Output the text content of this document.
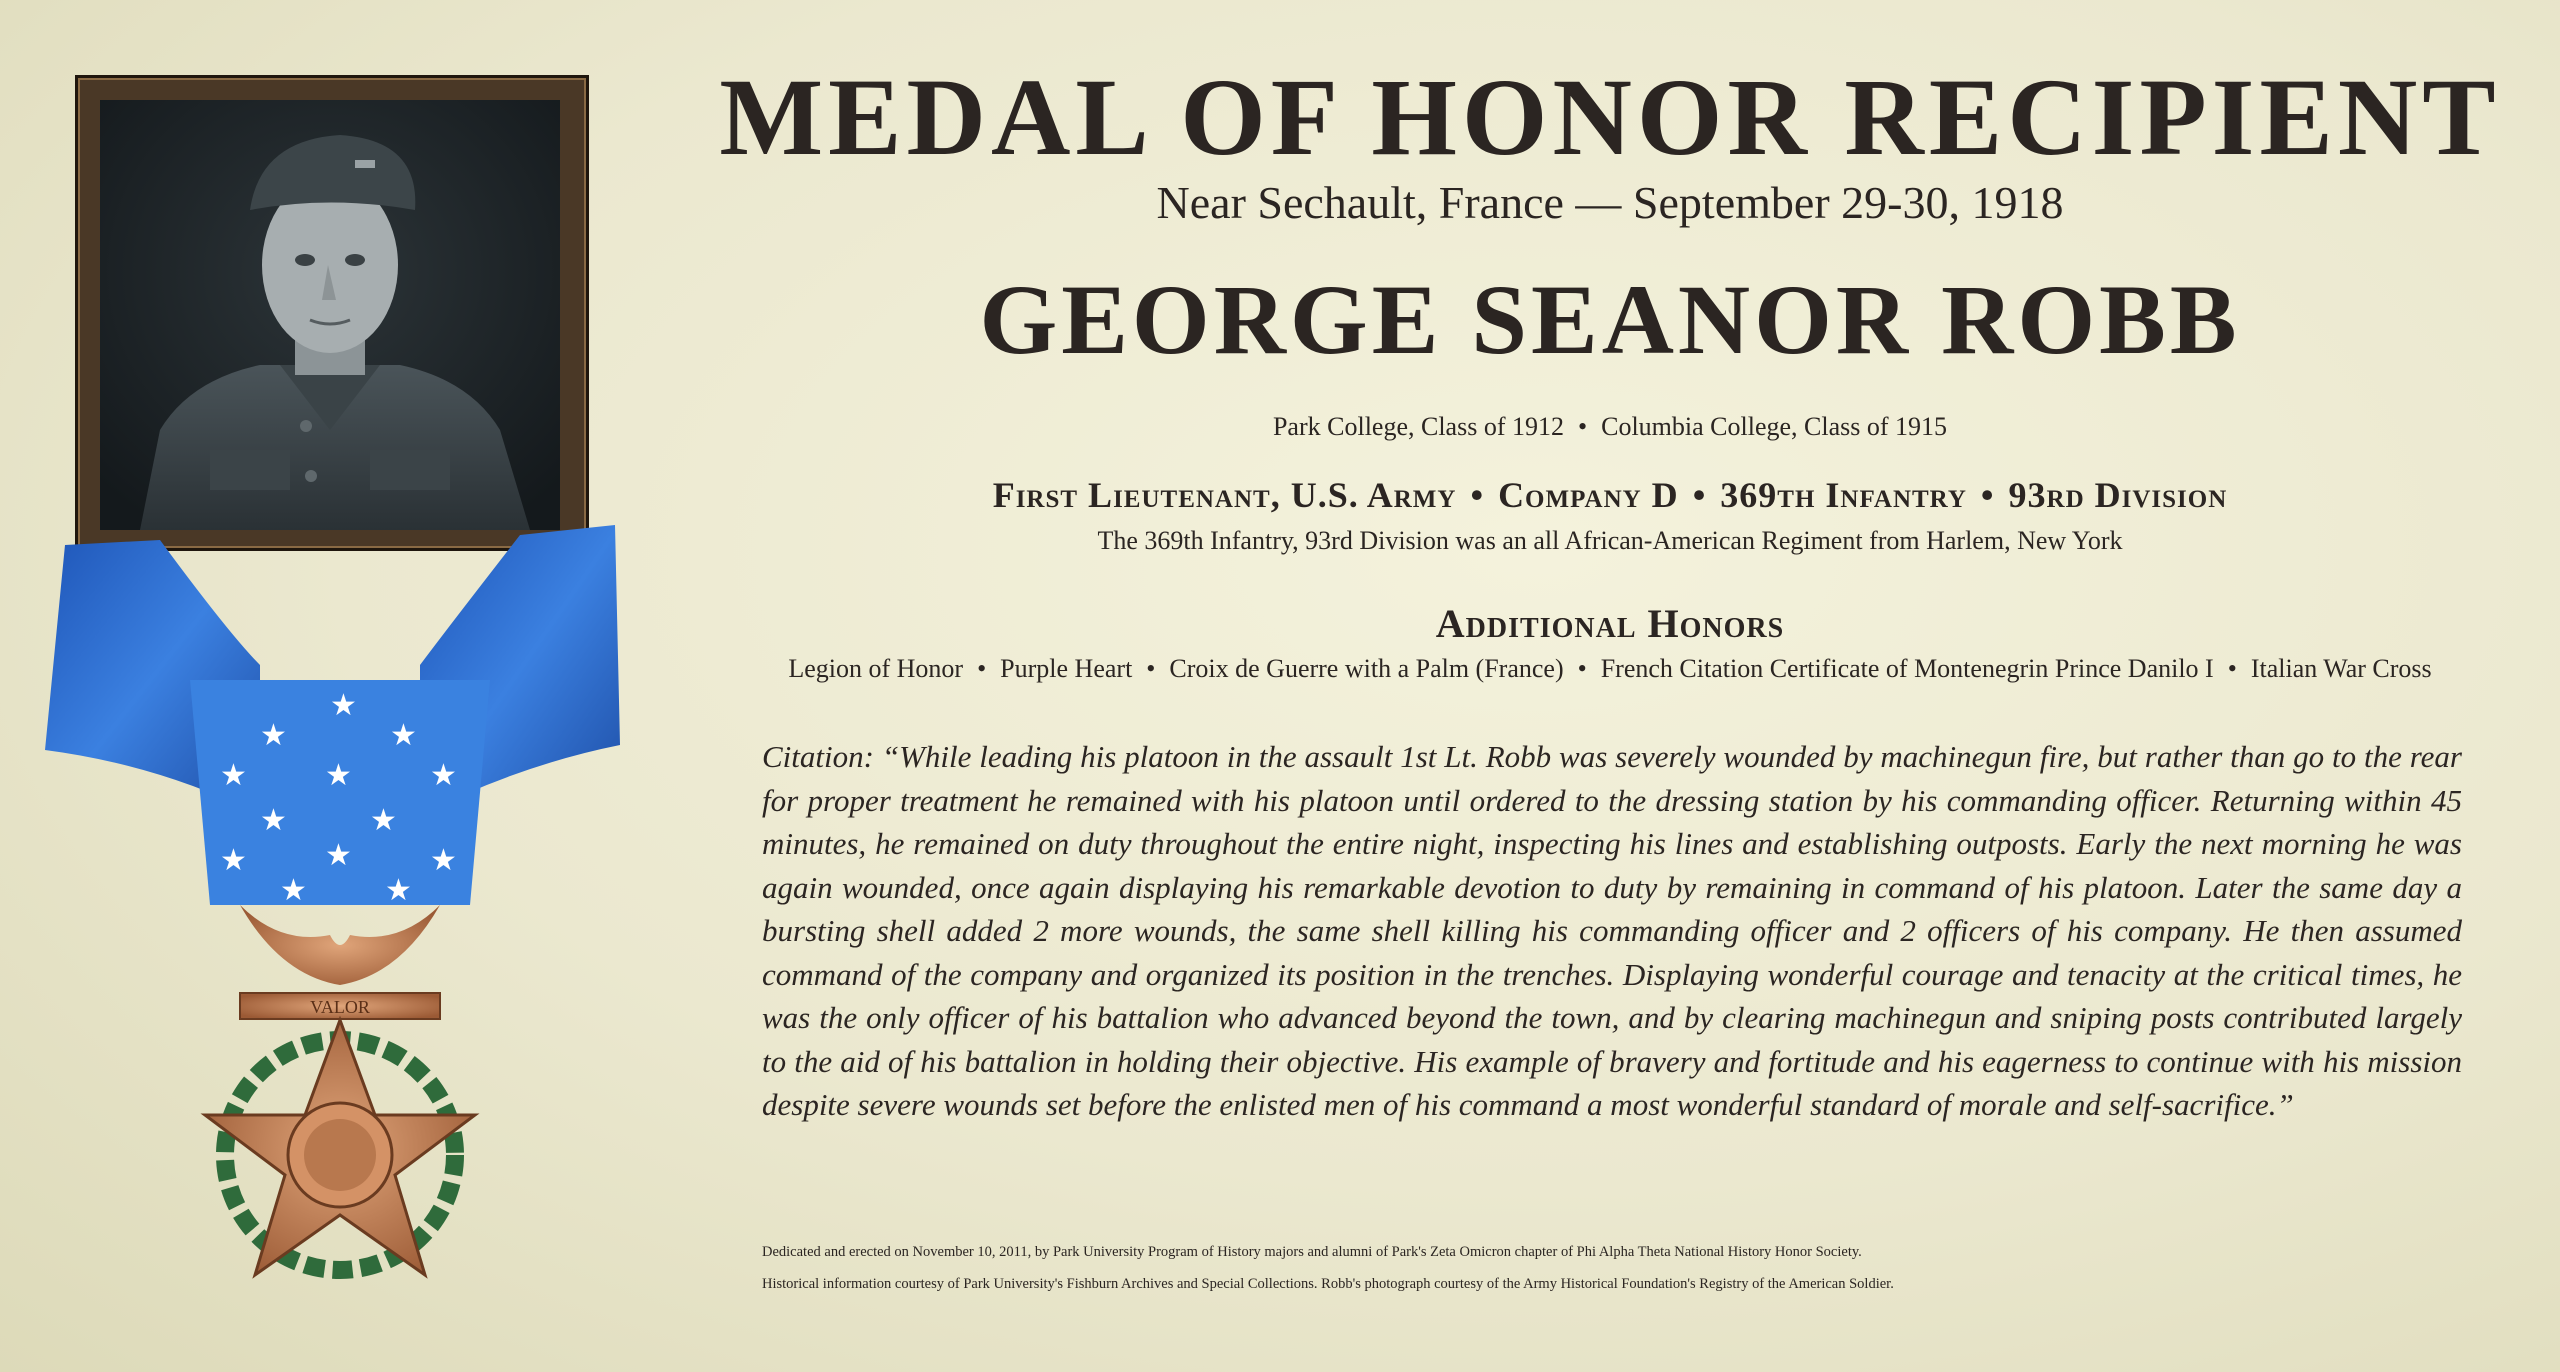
★
★	★
★	★	★
★	★
★	★	★
★	★
VALOR
MEDAL OF HONOR RECIPIENT
Near Sechault, France — September 29-30, 1918
GEORGE SEANOR ROBB
Park College, Class of 1912 • Columbia College, Class of 1915
First Lieutenant, U.S. Army • Company D • 369th Infantry • 93rd Division
The 369th Infantry, 93rd Division was an all African-American Regiment from Harlem, New York
Additional Honors
Legion of Honor • Purple Heart • Croix de Guerre with a Palm (France) • French Citation Certificate of Montenegrin Prince Danilo I • Italian War Cross
Citation: “While leading his platoon in the assault 1st Lt. Robb was severely wounded by machinegun fire, but rather than go to the rear for proper treatment he remained with his platoon until ordered to the dressing station by his commanding officer. Returning within 45 minutes, he remained on duty throughout the entire night, inspecting his lines and establishing outposts. Early the next morning he was again wounded, once again displaying his remarkable devotion to duty by remaining in command of his platoon. Later the same day a bursting shell added 2 more wounds, the same shell killing his commanding officer and 2 officers of his company. He then assumed command of the company and organized its position in the trenches. Displaying wonderful courage and tenacity at the critical times, he was the only officer of his battalion who advanced beyond the town, and by clearing machinegun and sniping posts contributed largely to the aid of his battalion in holding their objective. His example of bravery and fortitude and his eagerness to continue with his mission despite severe wounds set before the enlisted men of his command a most wonderful standard of morale and self-sacrifice.”
Dedicated and erected on November 10, 2011, by Park University Program of History majors and alumni of Park's Zeta Omicron chapter of Phi Alpha Theta National History Honor Society.
Historical information courtesy of Park University's Fishburn Archives and Special Collections. Robb's photograph courtesy of the Army Historical Foundation's Registry of the American Soldier.
